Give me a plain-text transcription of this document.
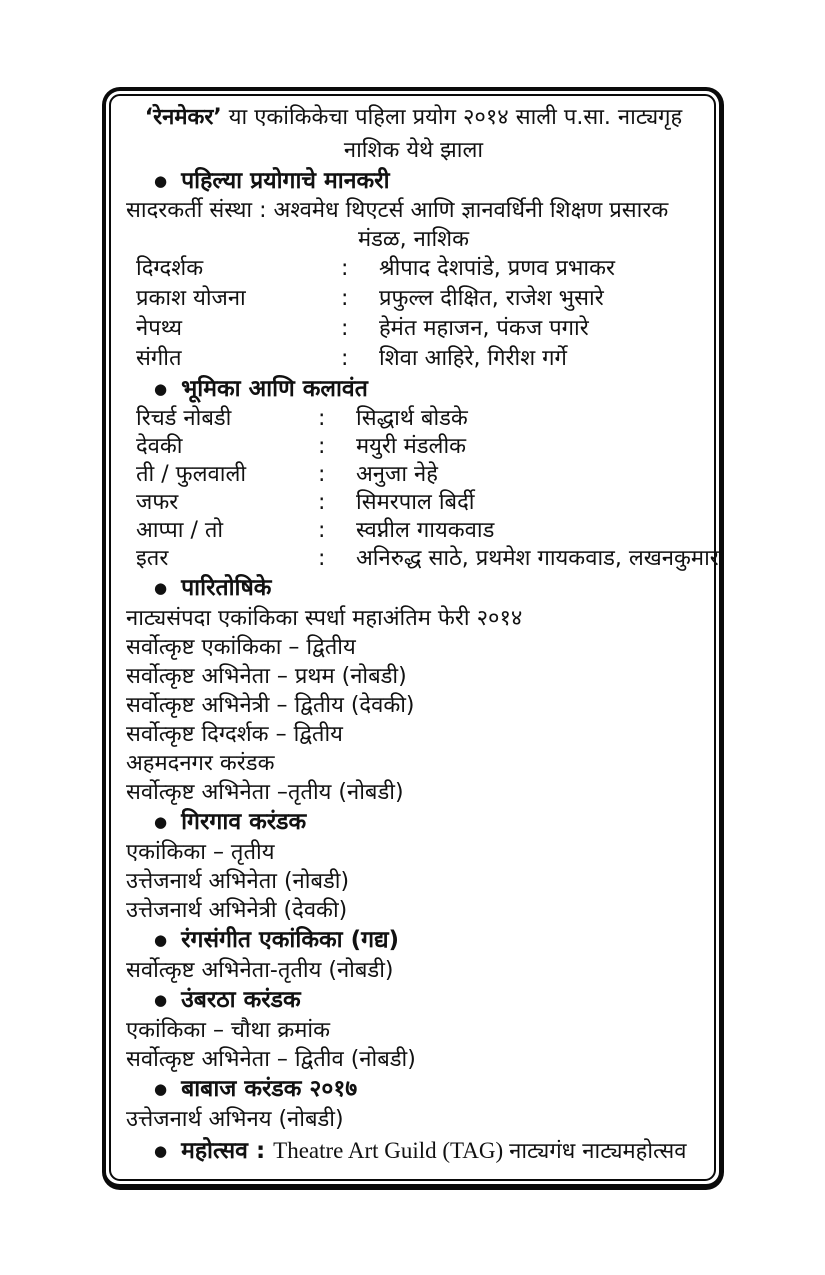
‘रेनमेकर’ या एकांकिकेचा पहिला प्रयोग २०१४ साली प.सा. नाट्यगृह
नाशिक येथे झाला
● पहिल्या प्रयोगाचे मानकरी
सादरकर्ती संस्था : अश्वमेध थिएटर्स आणि ज्ञानवर्धिनी शिक्षण प्रसारक
मंडळ, नाशिक
दिग्दर्शक	:	श्रीपाद देशपांडे, प्रणव प्रभाकर
प्रकाश योजना	:	प्रफुल्ल दीक्षित, राजेश भुसारे
नेपथ्य	:	हेमंत महाजन, पंकज पगारे
संगीत	:	शिवा आहिरे, गिरीश गर्गे
● भूमिका आणि कलावंत
रिचर्ड नोबडी	:	सिद्धार्थ बोडके
देवकी	:	मयुरी मंडलीक
ती / फुलवाली	:	अनुजा नेहे
जफर	:	सिमरपाल बिर्दी
आप्पा / तो	:	स्वप्नील गायकवाड
इतर	:	अनिरुद्ध साठे, प्रथमेश गायकवाड, लखनकुमार
● पारितोषिके
नाट्यसंपदा एकांकिका स्पर्धा महाअंतिम फेरी २०१४
सर्वोत्कृष्ट एकांकिका – द्वितीय
सर्वोत्कृष्ट अभिनेता – प्रथम (नोबडी)
सर्वोत्कृष्ट अभिनेत्री – द्वितीय (देवकी)
सर्वोत्कृष्ट दिग्दर्शक – द्वितीय
अहमदनगर करंडक
सर्वोत्कृष्ट अभिनेता –तृतीय (नोबडी)
● गिरगाव करंडक
एकांकिका – तृतीय
उत्तेजनार्थ अभिनेता (नोबडी)
उत्तेजनार्थ अभिनेत्री (देवकी)
● रंगसंगीत एकांकिका (गद्य)
सर्वोत्कृष्ट अभिनेता-तृतीय (नोबडी)
● उंबरठा करंडक
एकांकिका – चौथा क्रमांक
सर्वोत्कृष्ट अभिनेता – द्वितीव (नोबडी)
● बाबाज करंडक २०१७
उत्तेजनार्थ अभिनय (नोबडी)
● महोत्सव : Theatre Art Guild (TAG) नाट्यगंध नाट्यमहोत्सव
